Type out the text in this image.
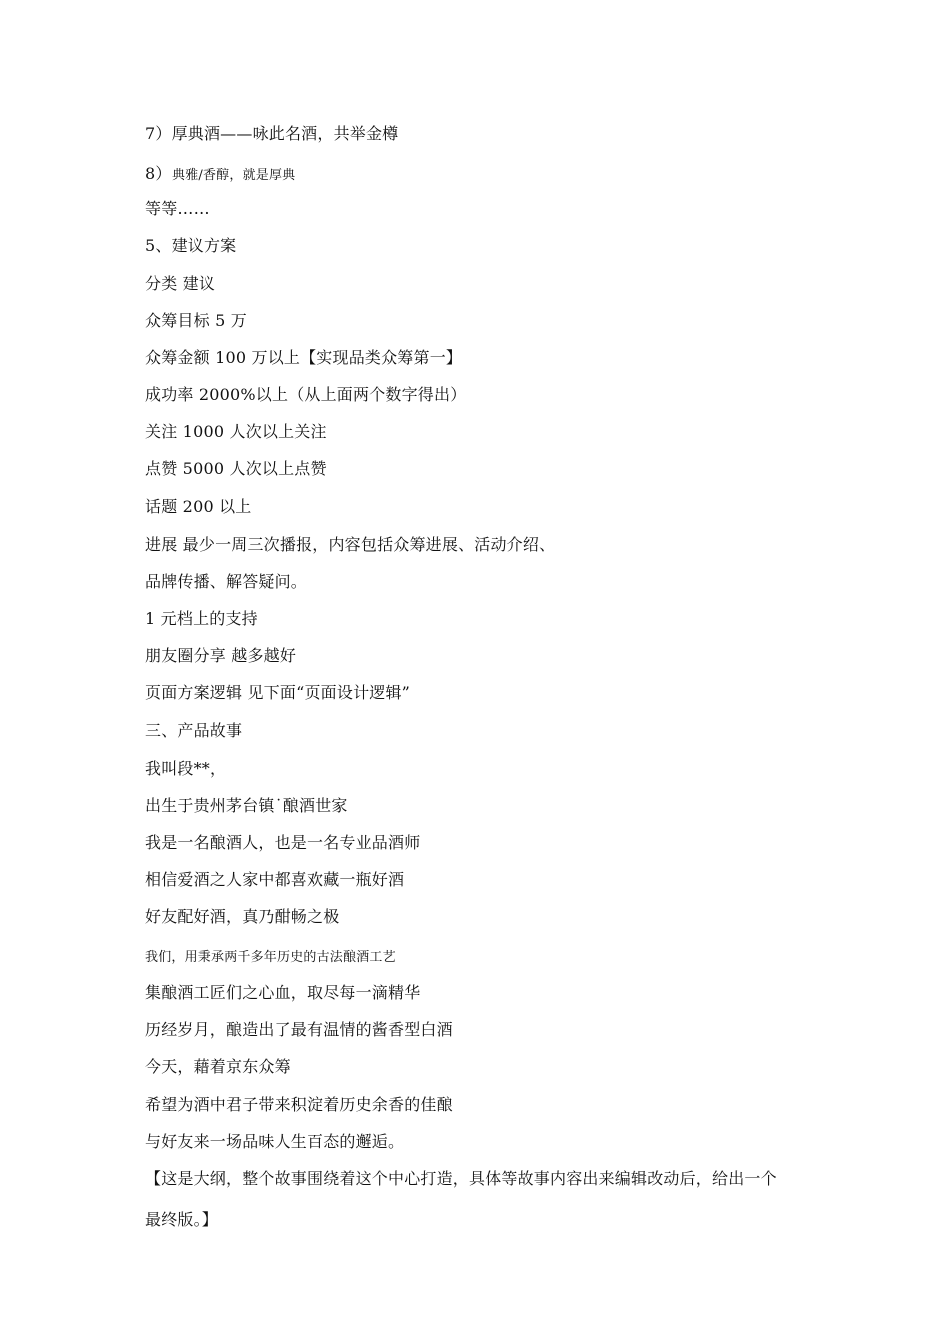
7）厚典酒——咏此名酒，共举金樽
8） 典雅/香醇，就是厚典
等等……
5、建议方案
分类 建议
众筹目标 5 万
众筹金额 100 万以上【实现品类众筹第一】
成功率 2000%以上（从上面两个数字得出）
关注 1000 人次以上关注
点赞 5000 人次以上点赞
话题 200 以上
进展 最少一周三次播报，内容包括众筹进展、活动介绍、
品牌传播、解答疑问。
1 元档上的支持
朋友圈分享 越多越好
页面方案逻辑 见下面“页面设计逻辑”
三、产品故事
我叫段**，
出生于贵州茅台镇˙酿酒世家
我是一名酿酒人，也是一名专业品酒师
相信爱酒之人家中都喜欢藏一瓶好酒
好友配好酒，真乃酣畅之极
我们，用秉承两千多年历史的古法酿酒工艺
集酿酒工匠们之心血，取尽每一滴精华
历经岁月，酿造出了最有温情的酱香型白酒
今天，藉着京东众筹
希望为酒中君子带来积淀着历史余香的佳酿
与好友来一场品味人生百态的邂逅。
【这是大纲，整个故事围绕着这个中心打造，具体等故事内容出来编辑改动后，给出一个
最终版。】
